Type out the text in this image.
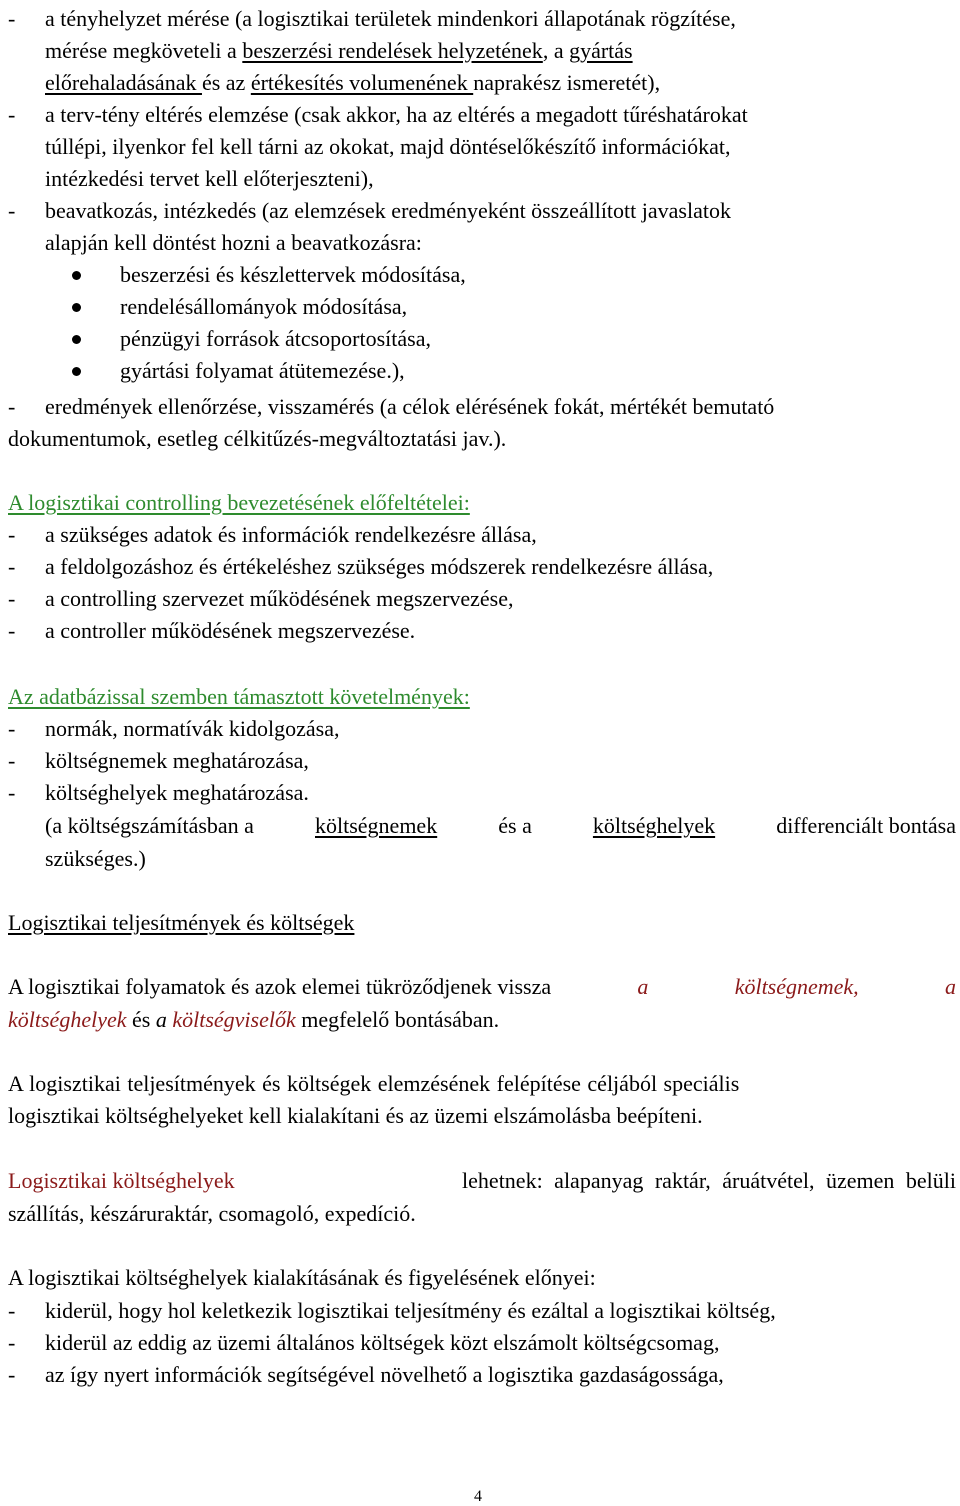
- a tényhelyzet mérése (a logisztikai területek mindenkori állapotának rögzítése,
mérése megköveteli a beszerzési rendelések helyzetének, a gyártás
előrehaladásának és az értékesítés volumenének naprakész ismeretét),
- a terv-tény eltérés elemzése (csak akkor, ha az eltérés a megadott tűréshatárokat
túllépi, ilyenkor fel kell tárni az okokat, majd döntéselőkészítő információkat,
intézkedési tervet kell előterjeszteni),
- beavatkozás, intézkedés (az elemzések eredményeként összeállított javaslatok
alapján kell döntést hozni a beavatkozásra:
beszerzési és készlettervek módosítása,
rendelésállományok módosítása,
pénzügyi források átcsoportosítása,
gyártási folyamat átütemezése.),
- eredmények ellenőrzése, visszamérés (a célok elérésének fokát, mértékét bemutató
dokumentumok, esetleg célkitűzés-megváltoztatási jav.).
A logisztikai controlling bevezetésének előfeltételei:
- a szükséges adatok és információk rendelkezésre állása,
- a feldolgozáshoz és értékeléshez szükséges módszerek rendelkezésre állása,
- a controlling szervezet működésének megszervezése,
- a controller működésének megszervezése.
Az adatbázissal szemben támasztott követelmények:
- normák, normatívák kidolgozása,
- költségnemek meghatározása,
- költséghelyek meghatározása.
(a költségszámításban a	költségnemek	és a	költséghelyek	differenciált bontása
szükséges.)
Logisztikai teljesítmények és költségek
A logisztikai folyamatok és azok elemei tükröződjenek vissza	a	költségnemek,	a
költséghelyek és a költségviselők megfelelő bontásában.
A logisztikai teljesítmények és költségek elemzésének felépítése céljából speciális
logisztikai költséghelyeket kell kialakítani és az üzemi elszámolásba beépíteni.
Logisztikai költséghelyek	lehetnek: alapanyag raktár, áruátvétel, üzemen belüli
szállítás, készáruraktár, csomagoló, expedíció.
A logisztikai költséghelyek kialakításának és figyelésének előnyei:
- kiderül, hogy hol keletkezik logisztikai teljesítmény és ezáltal a logisztikai költség,
- kiderül az eddig az üzemi általános költségek közt elszámolt költségcsomag,
- az így nyert információk segítségével növelhető a logisztika gazdaságossága,
4
